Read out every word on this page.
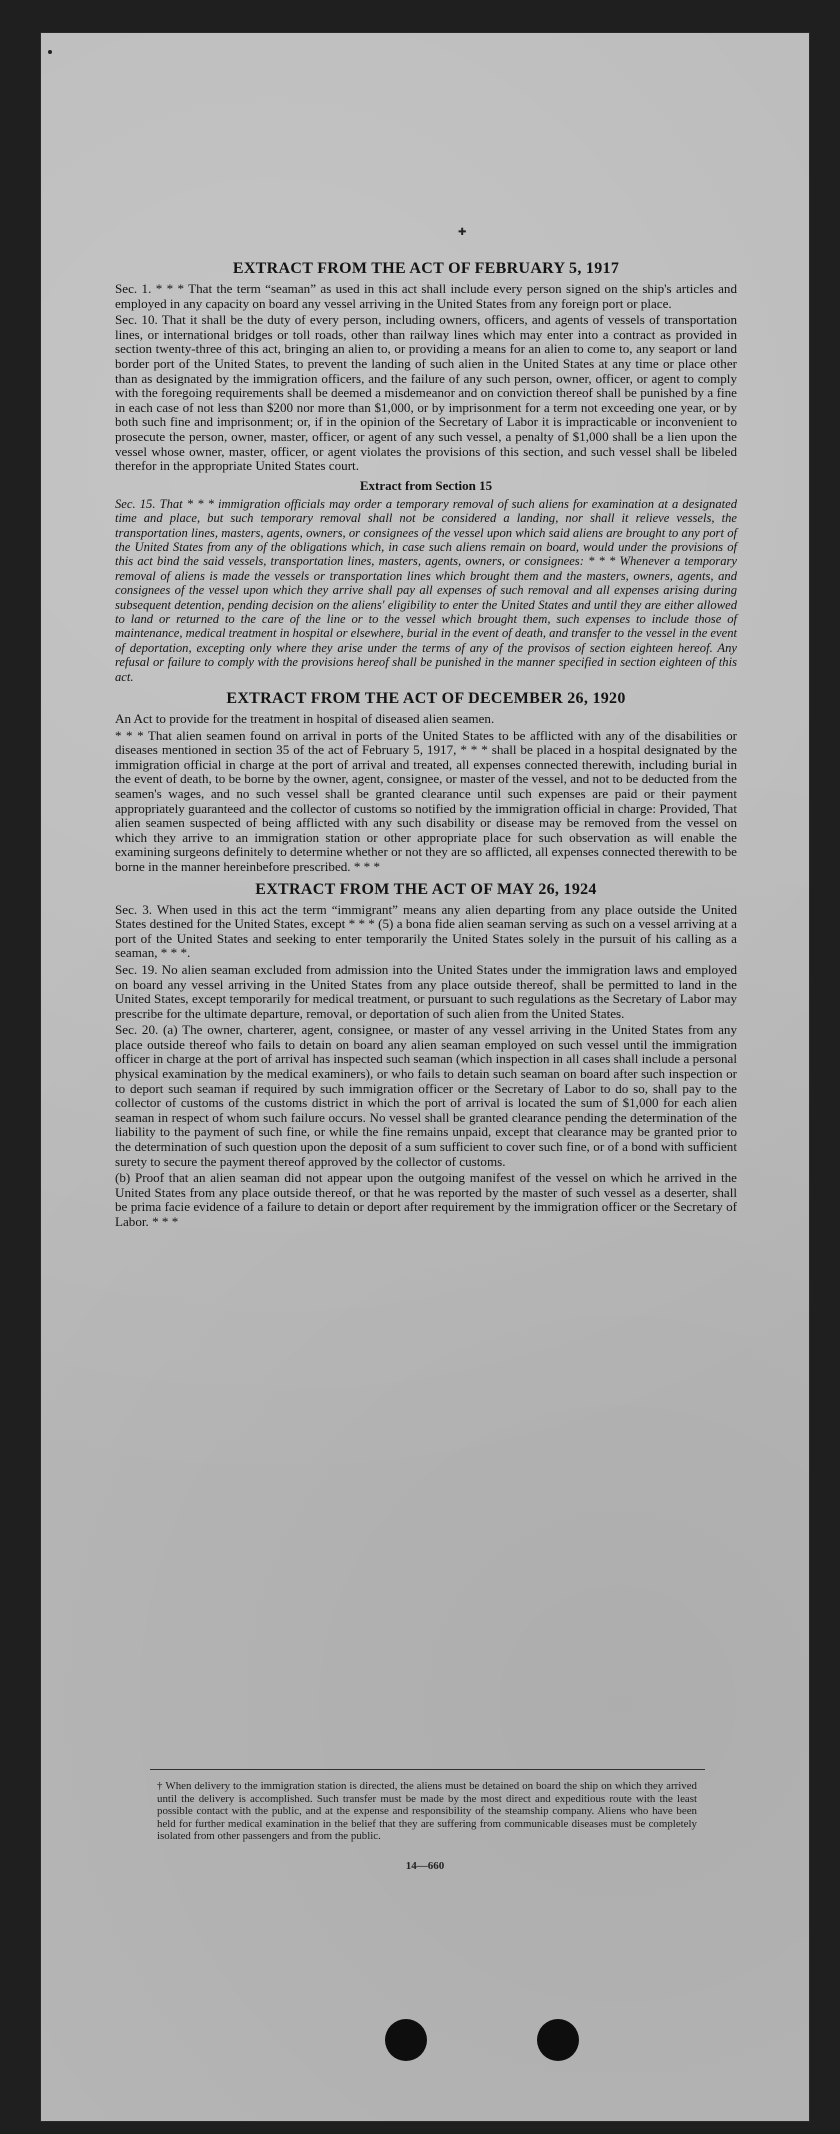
✚
EXTRACT FROM THE ACT OF FEBRUARY 5, 1917

Sec. 1. * * * That the term “seaman” as used in this act shall include every person signed on the ship's articles and employed in any capacity on board any vessel arriving in the United States from any foreign port or place.

Sec. 10. That it shall be the duty of every person, including owners, officers, and agents of vessels of transportation lines, or international bridges or toll roads, other than railway lines which may enter into a contract as provided in section twenty-three of this act, bringing an alien to, or providing a means for an alien to come to, any seaport or land border port of the United States, to prevent the landing of such alien in the United States at any time or place other than as designated by the immigration officers, and the failure of any such person, owner, officer, or agent to comply with the foregoing requirements shall be deemed a misdemeanor and on conviction thereof shall be punished by a fine in each case of not less than $200 nor more than $1,000, or by imprisonment for a term not exceeding one year, or by both such fine and imprisonment; or, if in the opinion of the Secretary of Labor it is impracticable or inconvenient to prosecute the person, owner, master, officer, or agent of any such vessel, a penalty of $1,000 shall be a lien upon the vessel whose owner, master, officer, or agent violates the provisions of this section, and such vessel shall be libeled therefor in the appropriate United States court.

Extract from Section 15

Sec. 15. That * * * immigration officials may order a temporary removal of such aliens for examination at a designated time and place, but such temporary removal shall not be considered a landing, nor shall it relieve vessels, the transportation lines, masters, agents, owners, or consignees of the vessel upon which said aliens are brought to any port of the United States from any of the obligations which, in case such aliens remain on board, would under the provisions of this act bind the said vessels, transportation lines, masters, agents, owners, or consignees: * * * Whenever a temporary removal of aliens is made the vessels or transportation lines which brought them and the masters, owners, agents, and consignees of the vessel upon which they arrive shall pay all expenses of such removal and all expenses arising during subsequent detention, pending decision on the aliens' eligibility to enter the United States and until they are either allowed to land or returned to the care of the line or to the vessel which brought them, such expenses to include those of maintenance, medical treatment in hospital or elsewhere, burial in the event of death, and transfer to the vessel in the event of deportation, excepting only where they arise under the terms of any of the provisos of section eighteen hereof. Any refusal or failure to comply with the provisions hereof shall be punished in the manner specified in section eighteen of this act.

EXTRACT FROM THE ACT OF DECEMBER 26, 1920

An Act to provide for the treatment in hospital of diseased alien seamen.

* * * That alien seamen found on arrival in ports of the United States to be afflicted with any of the disabilities or diseases mentioned in section 35 of the act of February 5, 1917, * * * shall be placed in a hospital designated by the immigration official in charge at the port of arrival and treated, all expenses connected therewith, including burial in the event of death, to be borne by the owner, agent, consignee, or master of the vessel, and not to be deducted from the seamen's wages, and no such vessel shall be granted clearance until such expenses are paid or their payment appropriately guaranteed and the collector of customs so notified by the immigration official in charge: Provided, That alien seamen suspected of being afflicted with any such disability or disease may be removed from the vessel on which they arrive to an immigration station or other appropriate place for such observation as will enable the examining surgeons definitely to determine whether or not they are so afflicted, all expenses connected therewith to be borne in the manner hereinbefore prescribed. * * *

EXTRACT FROM THE ACT OF MAY 26, 1924

Sec. 3. When used in this act the term “immigrant” means any alien departing from any place outside the United States destined for the United States, except * * * (5) a bona fide alien seaman serving as such on a vessel arriving at a port of the United States and seeking to enter temporarily the United States solely in the pursuit of his calling as a seaman, * * *.

Sec. 19. No alien seaman excluded from admission into the United States under the immigration laws and employed on board any vessel arriving in the United States from any place outside thereof, shall be permitted to land in the United States, except temporarily for medical treatment, or pursuant to such regulations as the Secretary of Labor may prescribe for the ultimate departure, removal, or deportation of such alien from the United States.

Sec. 20. (a) The owner, charterer, agent, consignee, or master of any vessel arriving in the United States from any place outside thereof who fails to detain on board any alien seaman employed on such vessel until the immigration officer in charge at the port of arrival has inspected such seaman (which inspection in all cases shall include a personal physical examination by the medical examiners), or who fails to detain such seaman on board after such inspection or to deport such seaman if required by such immigration officer or the Secretary of Labor to do so, shall pay to the collector of customs of the customs district in which the port of arrival is located the sum of $1,000 for each alien seaman in respect of whom such failure occurs. No vessel shall be granted clearance pending the determination of the liability to the payment of such fine, or while the fine remains unpaid, except that clearance may be granted prior to the determination of such question upon the deposit of a sum sufficient to cover such fine, or of a bond with sufficient surety to secure the payment thereof approved by the collector of customs.

(b) Proof that an alien seaman did not appear upon the outgoing manifest of the vessel on which he arrived in the United States from any place outside thereof, or that he was reported by the master of such vessel as a deserter, shall be prima facie evidence of a failure to detain or deport after requirement by the immigration officer or the Secretary of Labor. * * *

† When delivery to the immigration station is directed, the aliens must be detained on board the ship on which they arrived until the delivery is accomplished. Such transfer must be made by the most direct and expeditious route with the least possible contact with the public, and at the expense and responsibility of the steamship company. Aliens who have been held for further medical examination in the belief that they are suffering from communicable diseases must be completely isolated from other passengers and from the public.
14—660
